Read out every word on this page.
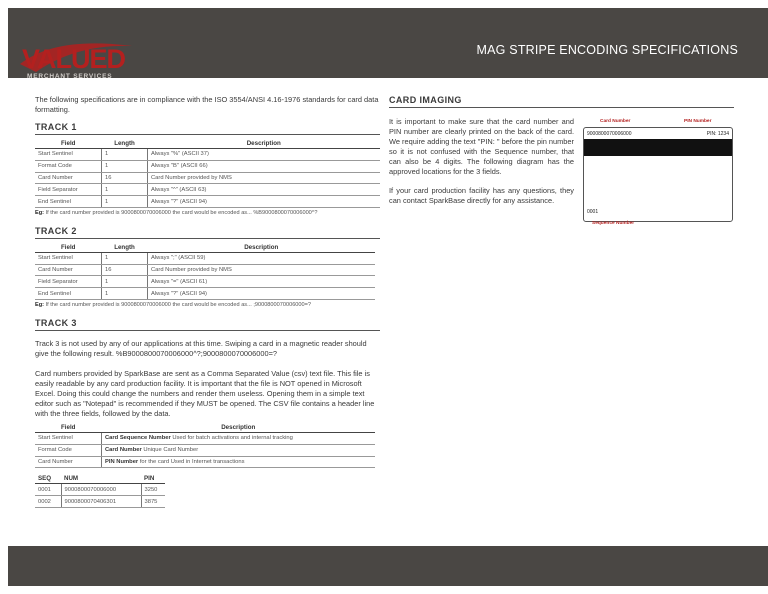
VALUED
MERCHANT SERVICES
MAG STRIPE ENCODING SPECIFICATIONS

The following specifications are in compliance with the ISO 3554/ANSI 4.16-1976 standards for card data formatting.

TRACK 1
Field	Length	Description
Start Sentinel	1	Always "%" (ASCII 37)
Format Code	1	Always "B" (ASCII 66)
Card Number	16	Card Number provided by NMS
Field Separator	1	Always "^" (ASCII 63)
End Sentinel	1	Always "?" (ASCII 94)
Eg: If the card number provided is 9000800070006000 the card would be encoded as... %B9000800070006000^?
TRACK 2
Field	Length	Description
Start Sentinel	1	Always ";" (ASCII 59)
Card Number	16	Card Number provided by NMS
Field Separator	1	Always "=" (ASCII 61)
End Sentinel	1	Always "?" (ASCII 94)
Eg: If the card number provided is 9000800070006000 the card would be encoded as... ;9000800070006000=?
TRACK 3

Track 3 is not used by any of our applications at this time. Swiping a card in a magnetic reader should give the following result. %B9000800070006000^?;9000800070006000=?

Card numbers provided by SparkBase are sent as a Comma Separated Value (csv) text file. This file is easily readable by any card production facility. It is important that the file is NOT opened in Microsoft Excel. Doing this could change the numbers and render them useless. Opening them in a simple text editor such as "Notepad" is recommended if they MUST be opened. The CSV file contains a header line with the three fields, followed by the data.

Field	Description
Start Sentinel	Card Sequence Number Used for batch activations and internal tracking
Format Code	Card Number Unique Card Number
Card Number	PIN Number for the card Used in Internet transactions
SEQ	NUM	PIN
0001	9000800070006000	3250
0002	9000800070406301	3875
CARD IMAGING

It is important to make sure that the card number and PIN number are clearly printed on the back of the card. We require adding the text "PIN: " before the pin number so it is not confused with the Sequence number, that can also be 4 digits. The following diagram has the approved locations for the 3 fields.

If your card production facility has any questions, they can contact SparkBase directly for any assistance.

Card Number	PIN Number
9000800070006000	PIN: 1234
0001
Sequence Number
